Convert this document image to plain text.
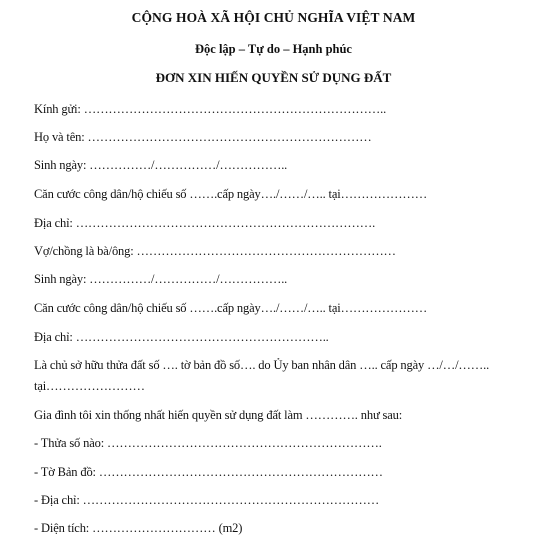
CỘNG HOÀ XÃ HỘI CHỦ NGHĨA VIỆT NAM
Độc lập – Tự do – Hạnh phúc
ĐƠN XIN HIẾN QUYỀN SỬ DỤNG ĐẤT
Kính gửi: ………………………………………………………………..
Họ và tên: ……………………………………………………………
Sinh ngày: ……………/……………/……………..
Căn cước công dân/hộ chiếu số …….cấp ngày…./……/….. tại…………………
Địa chỉ: ……………………………………………………………….
Vợ/chồng là bà/ông: ………………………………………………………
Sinh ngày: ……………/……………/……………..
Căn cước công dân/hộ chiếu số …….cấp ngày…./……/….. tại…………………
Địa chỉ: ……………………………………………………..
Là chủ sở hữu thửa đất số …. tờ bản đồ số…. do Ủy ban nhân dân ….. cấp ngày …/…/……..
tại……………………
Gia đình tôi xin thống nhất hiến quyền sử dụng đất làm …………. như sau:
- Thửa số nào: ………………………………………………………….
- Tờ Bản đồ: ……………………………………………………………
- Địa chỉ: ………………………………………………………………
- Diện tích: ………………………… (m2)
